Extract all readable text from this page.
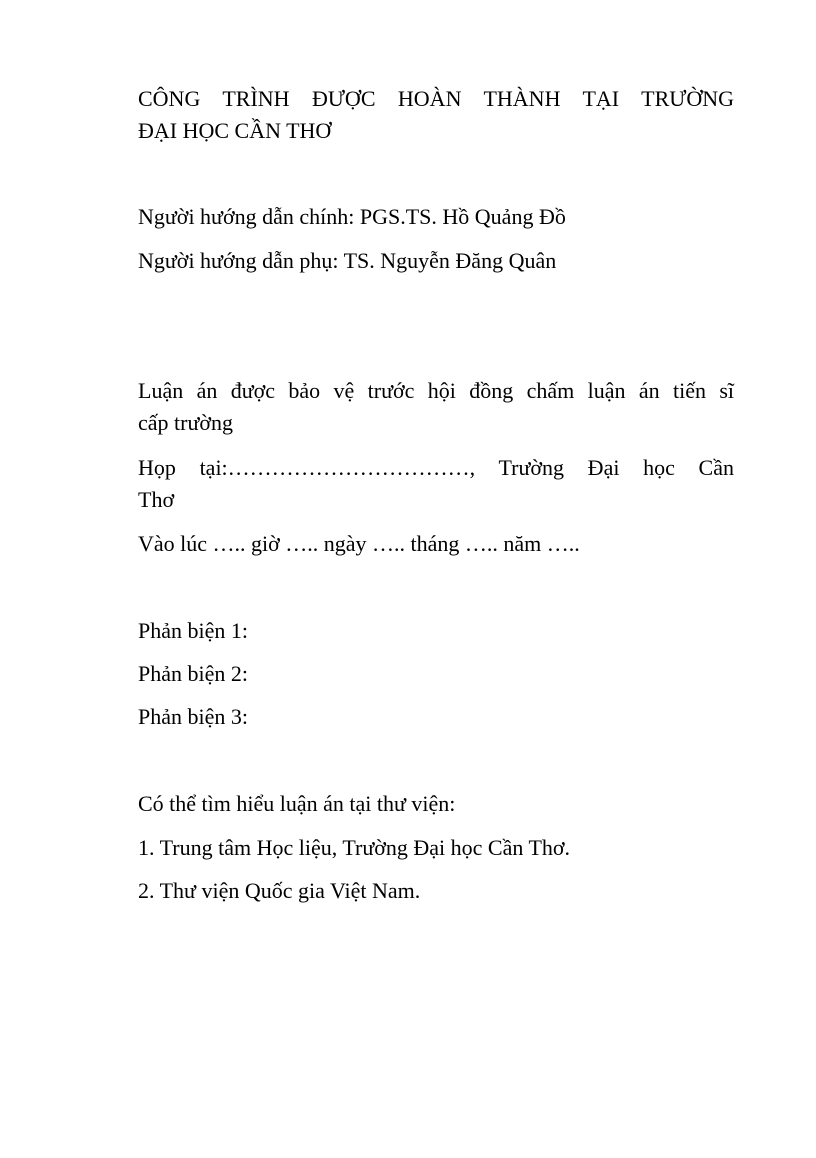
CÔNG TRÌNH ĐƯỢC HOÀN THÀNH TẠI TRƯỜNG
ĐẠI HỌC CẦN THƠ
Người hướng dẫn chính: PGS.TS. Hồ Quảng Đồ
Người hướng dẫn phụ: TS. Nguyễn Đăng Quân
Luận án được bảo vệ trước hội đồng chấm luận án tiến sĩ
cấp trường
Họp tại:……………………………, Trường Đại học Cần
Thơ
Vào lúc ….. giờ ….. ngày ….. tháng ….. năm …..
Phản biện 1:
Phản biện 2:
Phản biện 3:
Có thể tìm hiểu luận án tại thư viện:
1. Trung tâm Học liệu, Trường Đại học Cần Thơ.
2. Thư viện Quốc gia Việt Nam.
